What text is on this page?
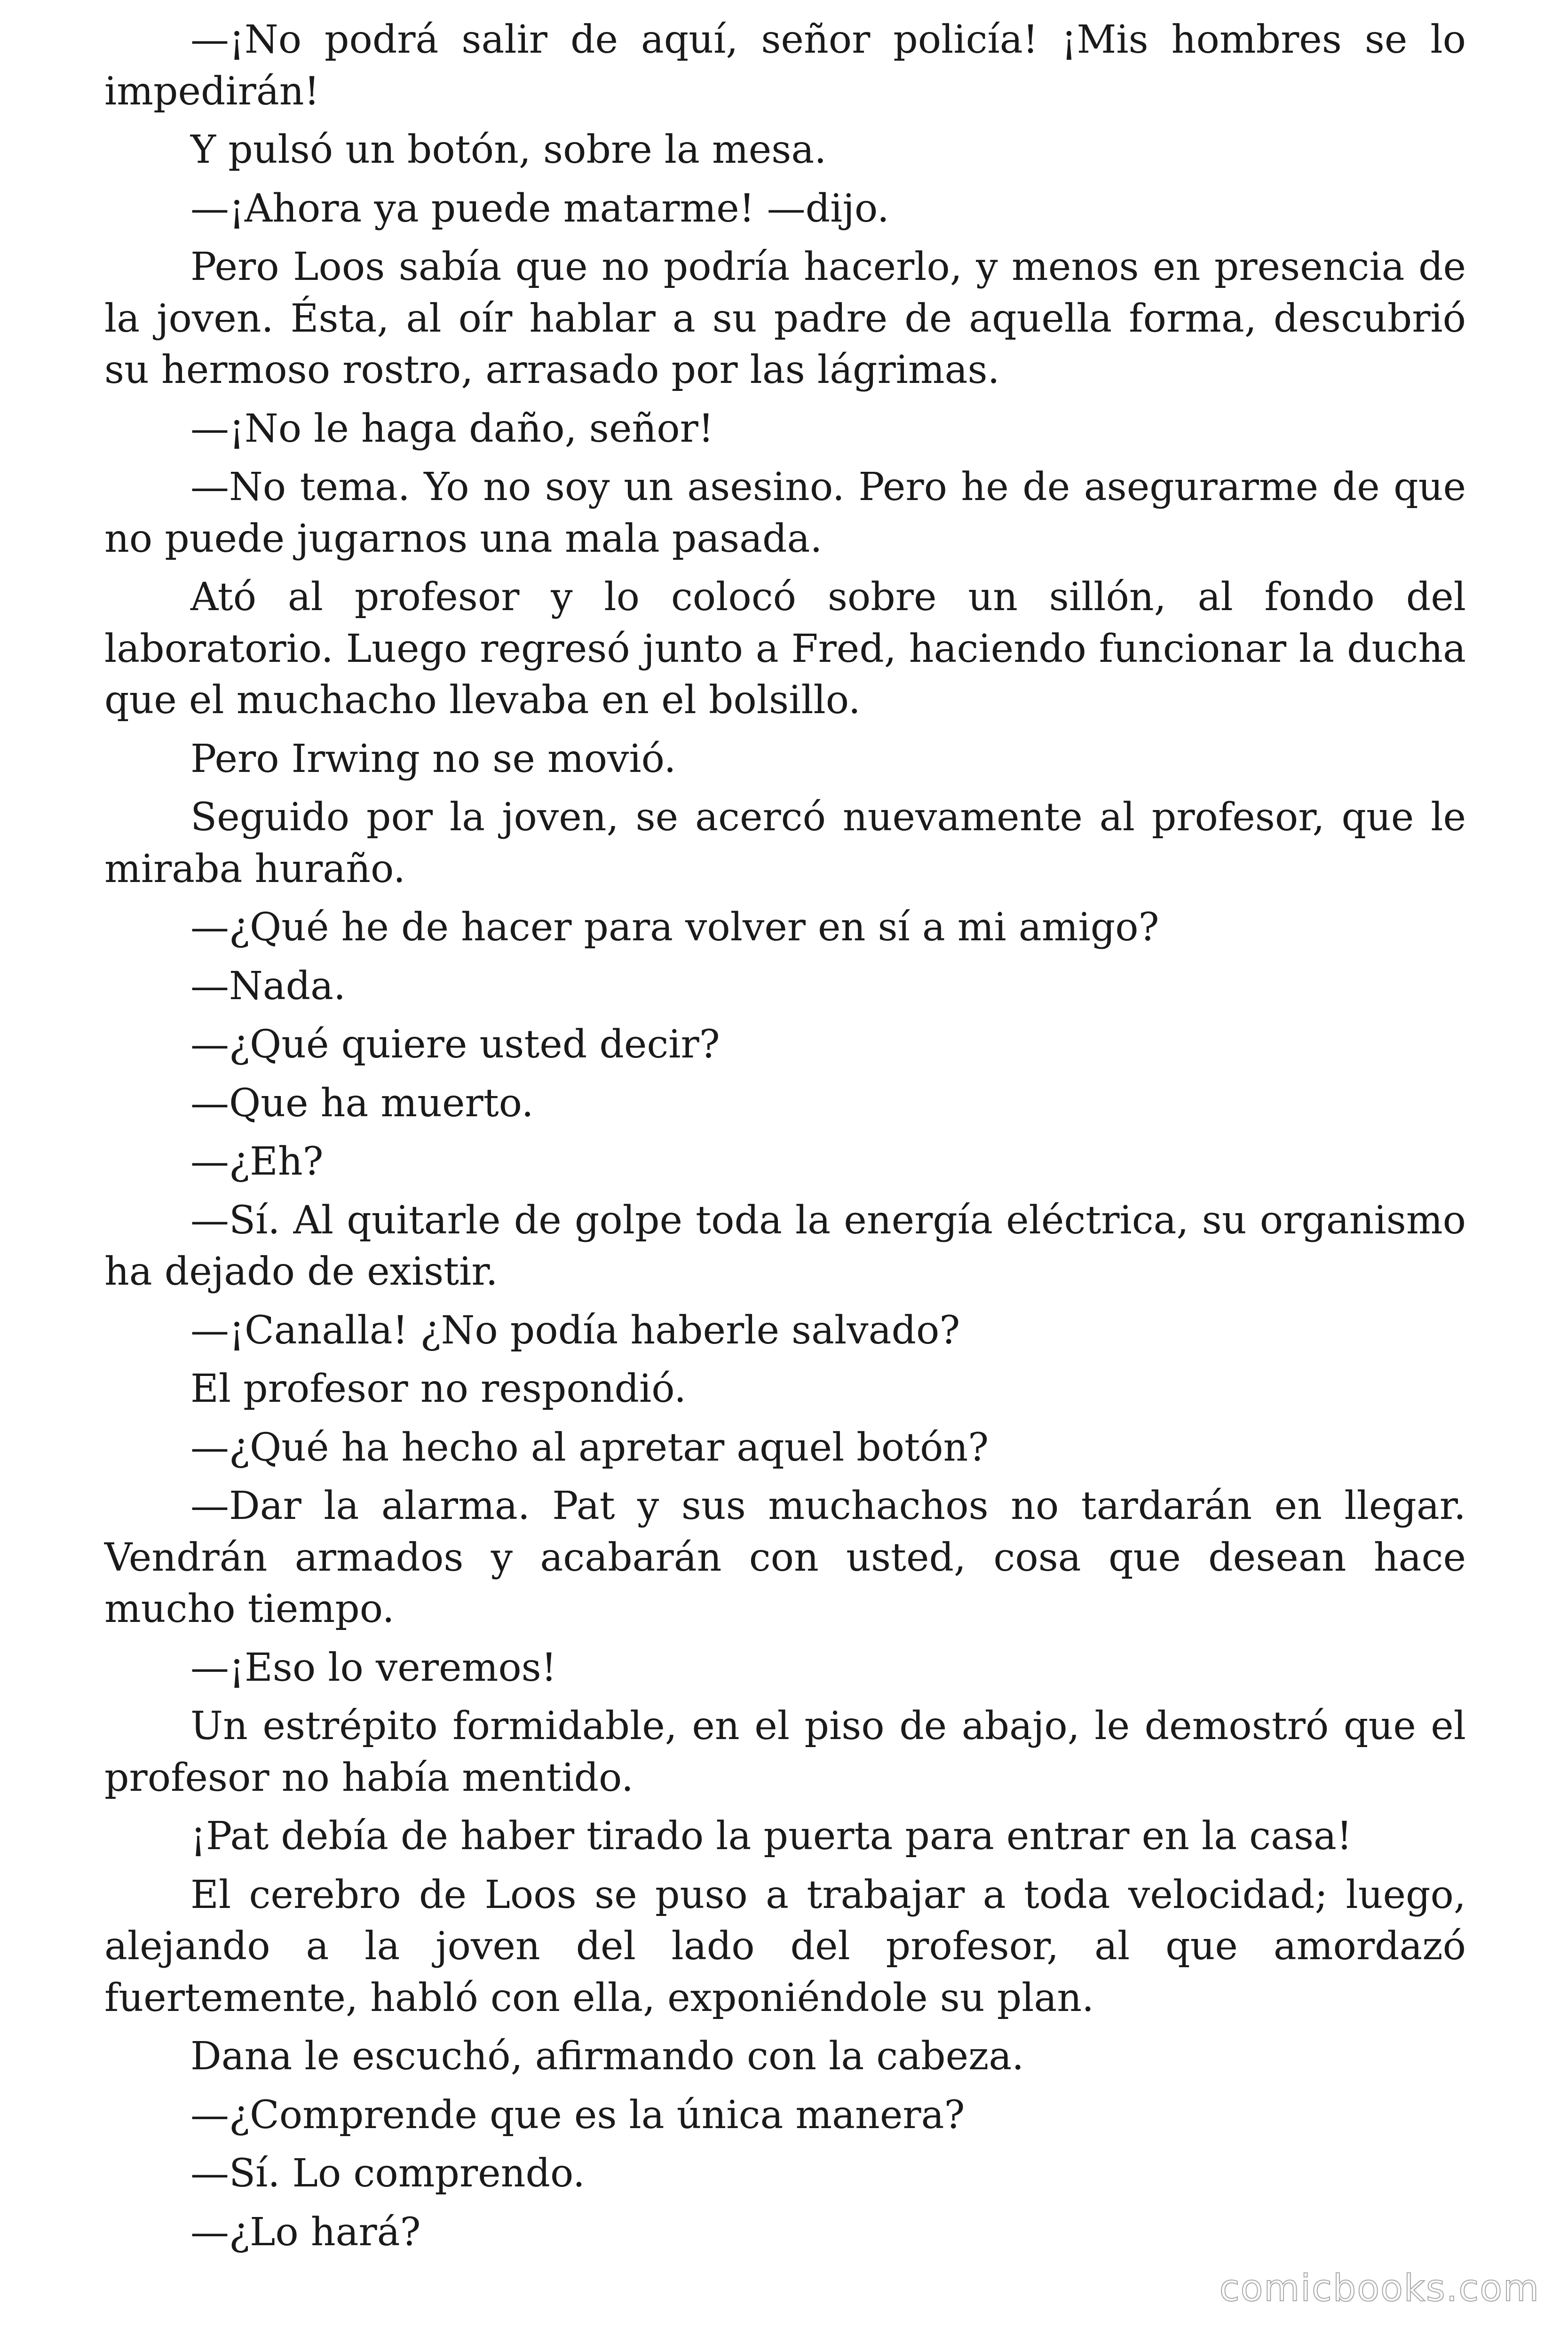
—¡No podrá salir de aquí, señor policía! ¡Mis hombres se lo impedirán!

Y pulsó un botón, sobre la mesa.

—¡Ahora ya puede matarme! —dijo.

Pero Loos sabía que no podría hacerlo, y menos en presencia de la joven. Ésta, al oír hablar a su padre de aquella forma, descubrió su hermoso rostro, arrasado por las lágrimas.

—¡No le haga daño, señor!

—No tema. Yo no soy un asesino. Pero he de asegurarme de que no puede jugarnos una mala pasada.

Ató al profesor y lo colocó sobre un sillón, al fondo del laboratorio. Luego regresó junto a Fred, haciendo funcionar la ducha que el muchacho llevaba en el bolsillo.

Pero Irwing no se movió.

Seguido por la joven, se acercó nuevamente al profesor, que le miraba huraño.

—¿Qué he de hacer para volver en sí a mi amigo?

—Nada.

—¿Qué quiere usted decir?

—Que ha muerto.

—¿Eh?

—Sí. Al quitarle de golpe toda la energía eléctrica, su organismo ha dejado de existir.

—¡Canalla! ¿No podía haberle salvado?

El profesor no respondió.

—¿Qué ha hecho al apretar aquel botón?

—Dar la alarma. Pat y sus muchachos no tardarán en llegar. Vendrán armados y acabarán con usted, cosa que desean hace mucho tiempo.

—¡Eso lo veremos!

Un estrépito formidable, en el piso de abajo, le demostró que el profesor no había mentido.

¡Pat debía de haber tirado la puerta para entrar en la casa!

El cerebro de Loos se puso a trabajar a toda velocidad; luego, alejando a la joven del lado del profesor, al que amordazó fuertemente, habló con ella, exponiéndole su plan.

Dana le escuchó, afirmando con la cabeza.

—¿Comprende que es la única manera?

—Sí. Lo comprendo.

—¿Lo hará?

comicbooks.com
